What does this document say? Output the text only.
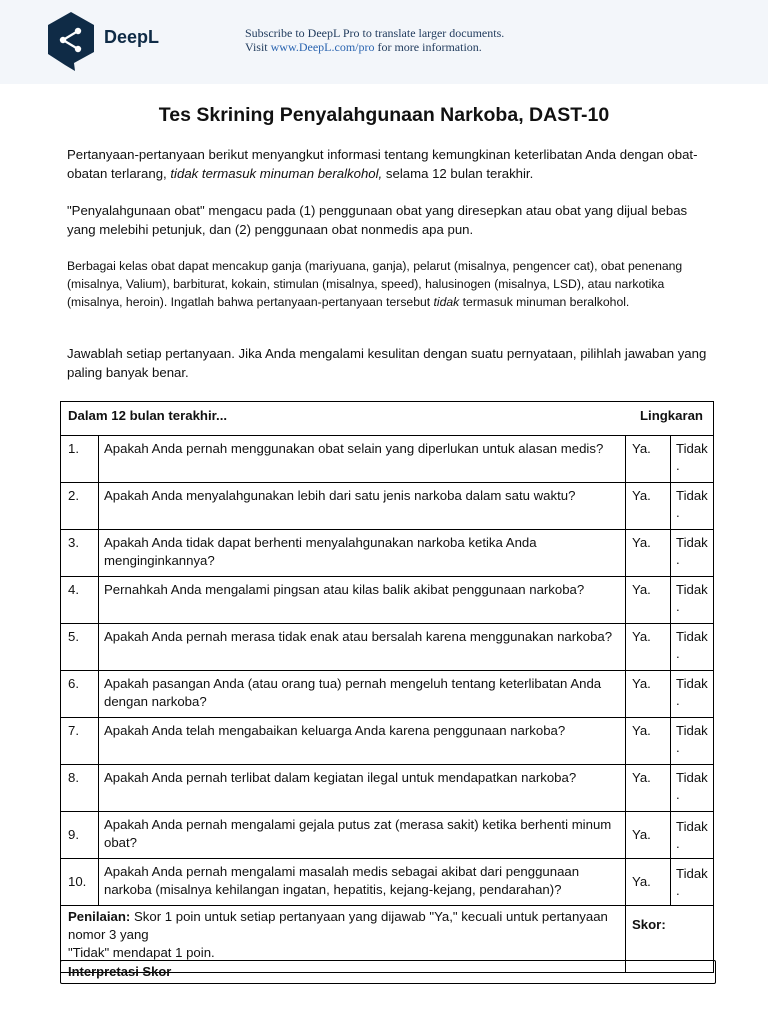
DeepL	Subscribe to DeepL Pro to translate larger documents.
Visit www.DeepL.com/pro for more information.
Tes Skrining Penyalahgunaan Narkoba, DAST-10
Pertanyaan-pertanyaan berikut menyangkut informasi tentang kemungkinan keterlibatan Anda dengan obat-obatan terlarang, tidak termasuk minuman beralkohol, selama 12 bulan terakhir.
"Penyalahgunaan obat" mengacu pada (1) penggunaan obat yang diresepkan atau obat yang dijual bebas yang melebihi petunjuk, dan (2) penggunaan obat nonmedis apa pun.
Berbagai kelas obat dapat mencakup ganja (mariyuana, ganja), pelarut (misalnya, pengencer cat), obat penenang (misalnya, Valium), barbiturat, kokain, stimulan (misalnya, speed), halusinogen (misalnya, LSD), atau narkotika (misalnya, heroin). Ingatlah bahwa pertanyaan-pertanyaan tersebut tidak termasuk minuman beralkohol.
Jawablah setiap pertanyaan. Jika Anda mengalami kesulitan dengan suatu pernyataan, pilihlah jawaban yang paling banyak benar.
Dalam 12 bulan terakhir...		Lingkaran	
1.	Apakah Anda pernah menggunakan obat selain yang diperlukan untuk alasan medis?	Ya.	Tidak .
2.	Apakah Anda menyalahgunakan lebih dari satu jenis narkoba dalam satu waktu?	Ya.	Tidak .
3.	Apakah Anda tidak dapat berhenti menyalahgunakan narkoba ketika Anda menginginkannya?	Ya.	Tidak .
4.	Pernahkah Anda mengalami pingsan atau kilas balik akibat penggunaan narkoba?	Ya.	Tidak .
5.	Apakah Anda pernah merasa tidak enak atau bersalah karena menggunakan narkoba?	Ya.	Tidak .
6.	Apakah pasangan Anda (atau orang tua) pernah mengeluh tentang keterlibatan Anda dengan narkoba?	Ya.	Tidak .
7.	Apakah Anda telah mengabaikan keluarga Anda karena penggunaan narkoba?	Ya.	Tidak .
8.	Apakah Anda pernah terlibat dalam kegiatan ilegal untuk mendapatkan narkoba?	Ya.	Tidak .
9.	Apakah Anda pernah mengalami gejala putus zat (merasa sakit) ketika berhenti minum obat?	Ya.	Tidak .
10.	Apakah Anda pernah mengalami masalah medis sebagai akibat dari penggunaan narkoba (misalnya kehilangan ingatan, hepatitis, kejang-kejang, pendarahan)?	Ya.	Tidak .
Penilaian: Skor 1 poin untuk setiap pertanyaan yang dijawab "Ya," kecuali untuk pertanyaan nomor 3 yang
"Tidak" mendapat 1 poin.		Skor:	
Interpretasi Skor
